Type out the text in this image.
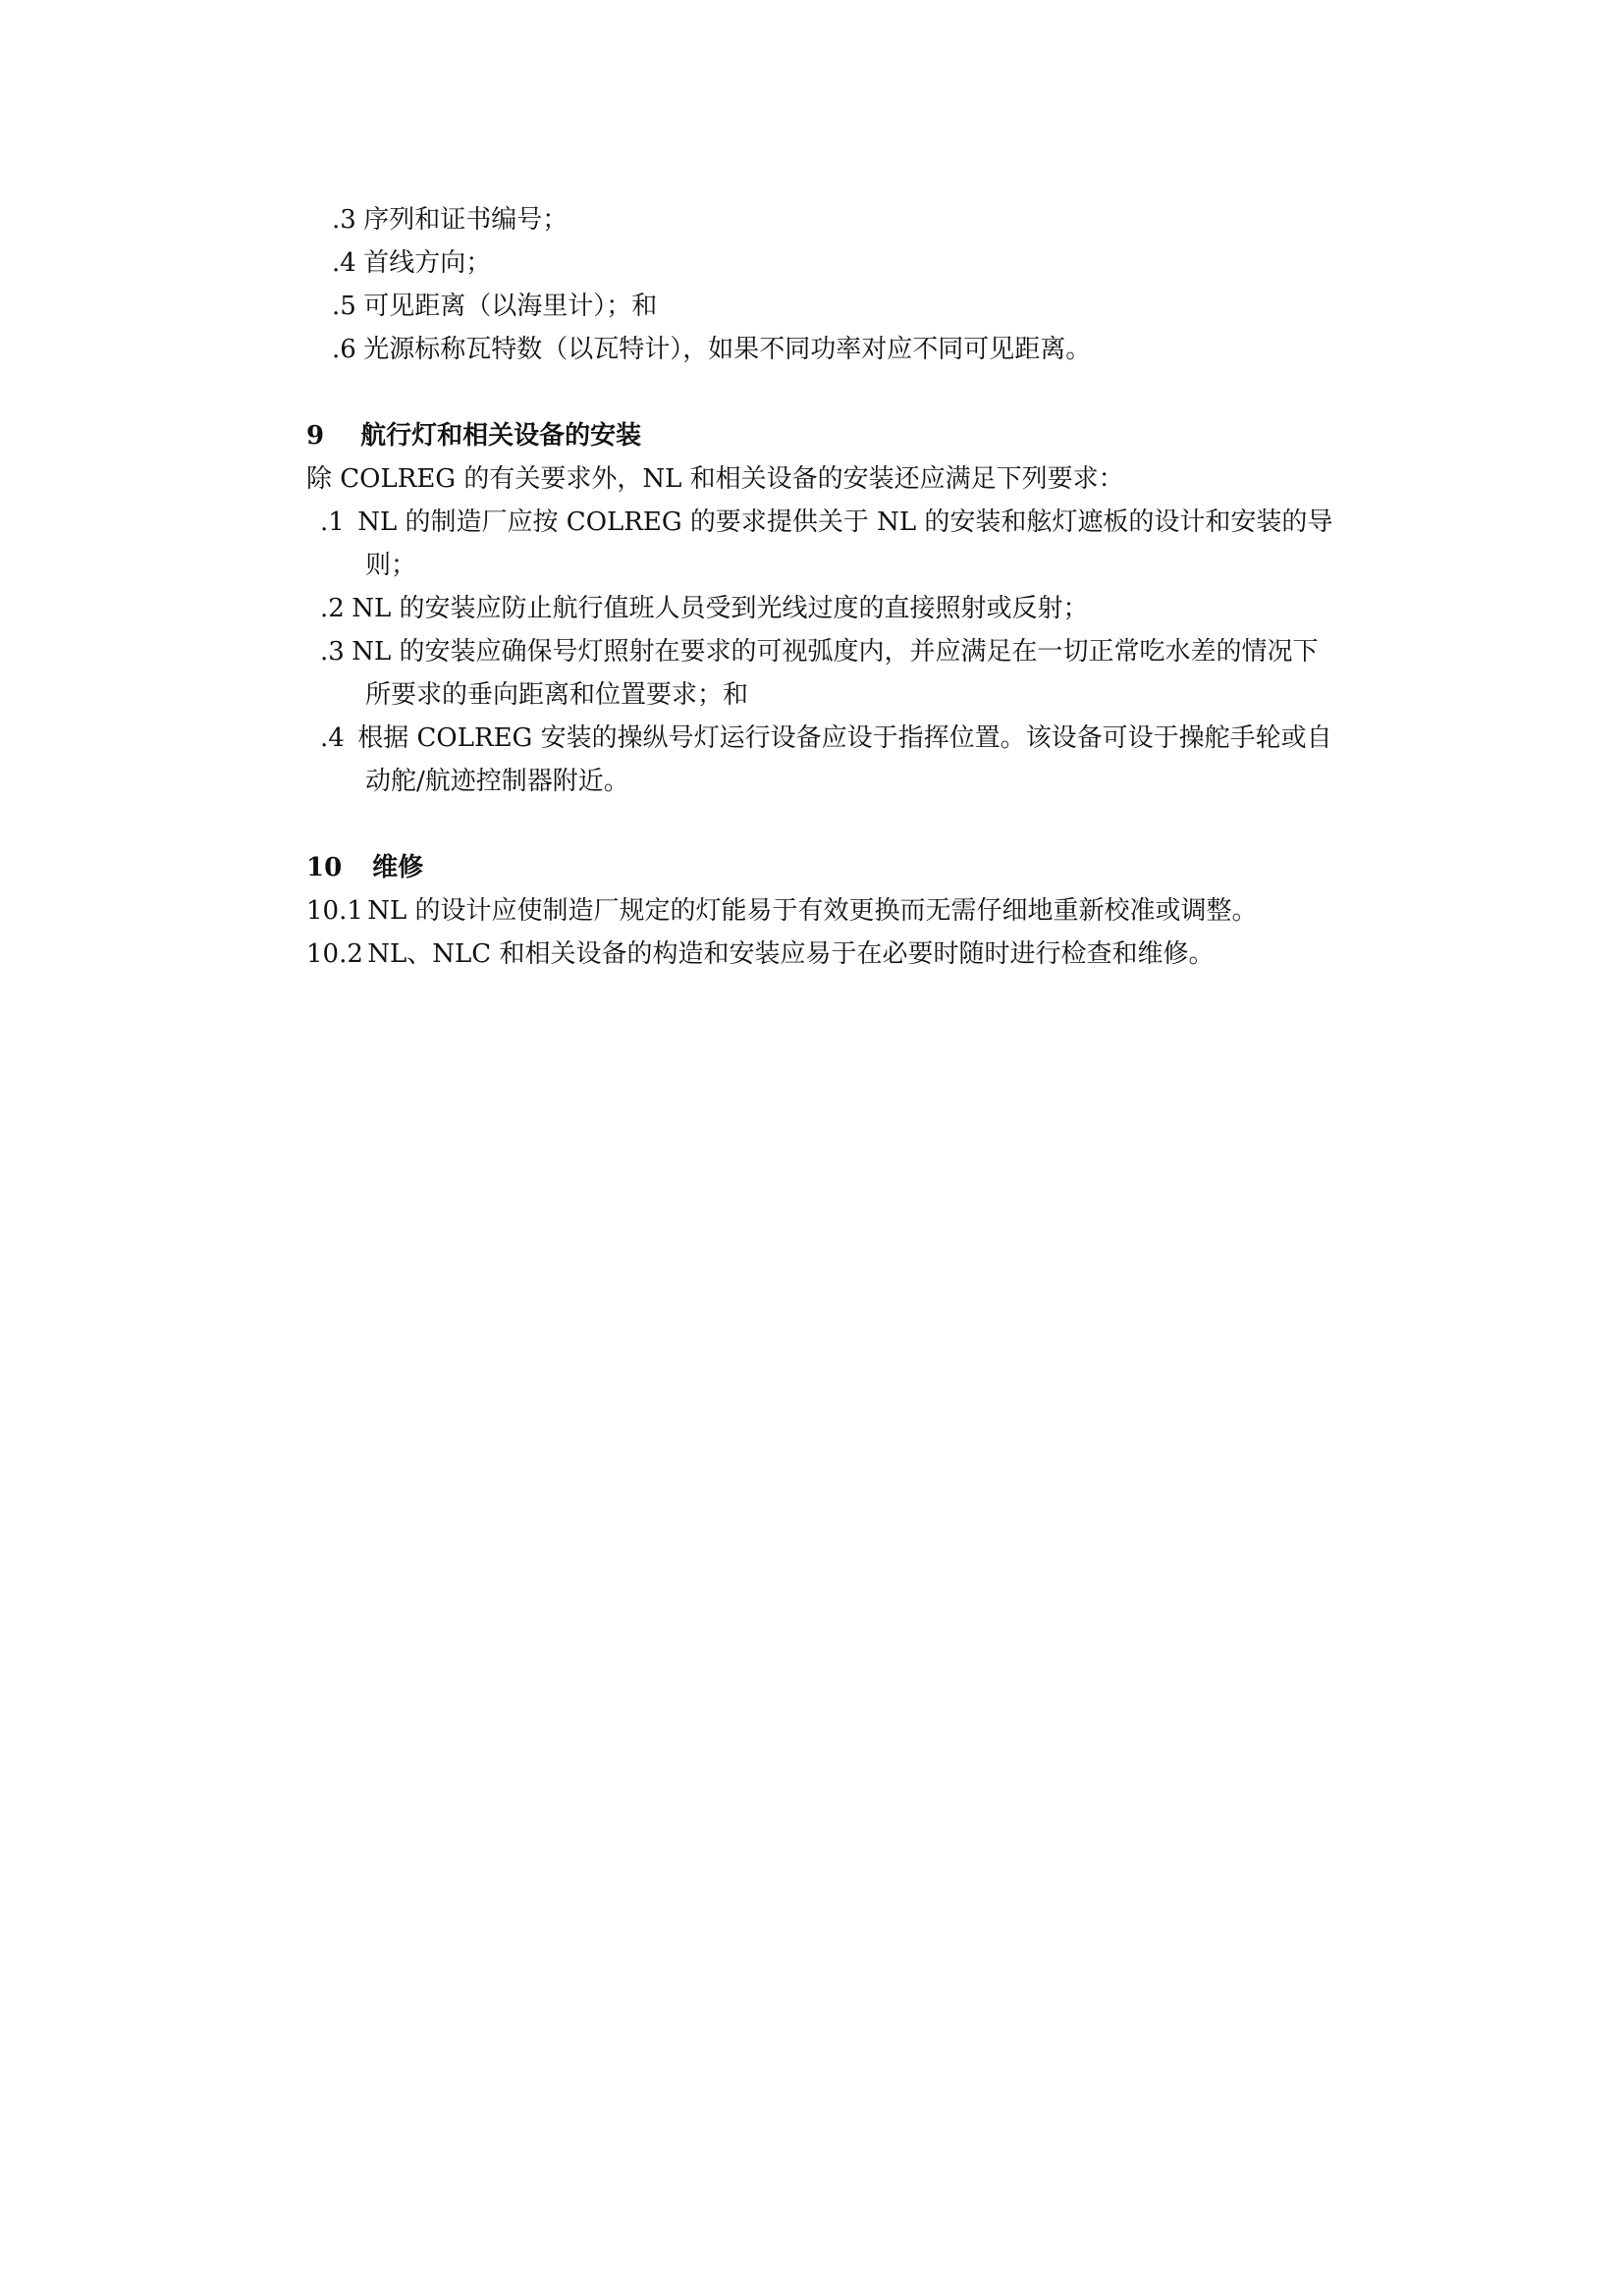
.3 序列和证书编号；
.4 首线方向；
.5 可见距离（以海里计）；和
.6 光源标称瓦特数（以瓦特计），如果不同功率对应不同可见距离。
9 航行灯和相关设备的安装
除 COLREG 的有关要求外，NL 和相关设备的安装还应满足下列要求：
.1 NL 的制造厂应按 COLREG 的要求提供关于 NL 的安装和舷灯遮板的设计和安装的导
则；
.2 NL 的安装应防止航行值班人员受到光线过度的直接照射或反射；
.3 NL 的安装应确保号灯照射在要求的可视弧度内，并应满足在一切正常吃水差的情况下
所要求的垂向距离和位置要求；和
.4 根据 COLREG 安装的操纵号灯运行设备应设于指挥位置。该设备可设于操舵手轮或自
动舵/航迹控制器附近。
10 维修
10.1 NL 的设计应使制造厂规定的灯能易于有效更换而无需仔细地重新校准或调整。
10.2 NL、NLC 和相关设备的构造和安装应易于在必要时随时进行检查和维修。
